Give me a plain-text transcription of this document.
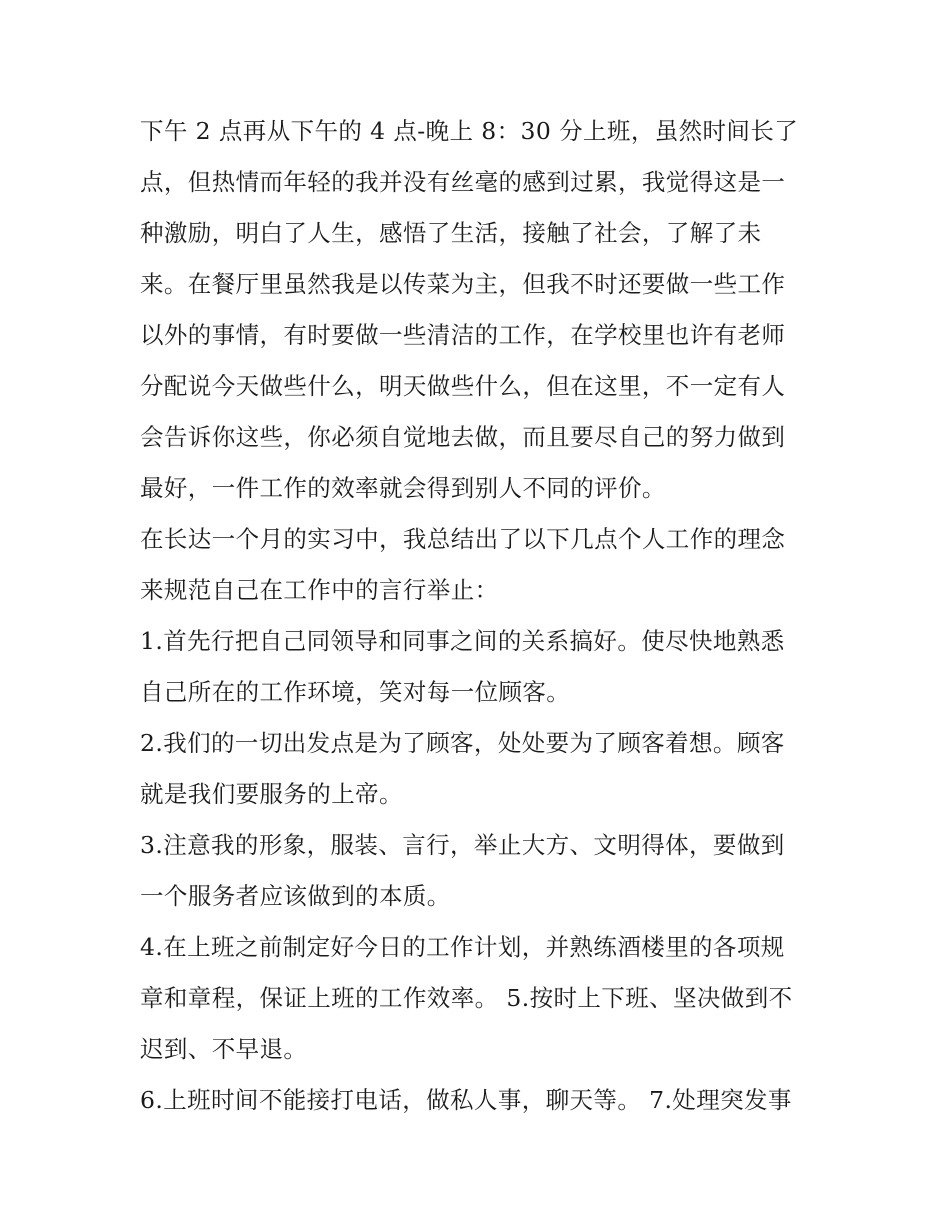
下午 2 点再从下午的 4 点-晚上 8：30 分上班，虽然时间长了
点，但热情而年轻的我并没有丝毫的感到过累，我觉得这是一
种激励，明白了人生，感悟了生活，接触了社会，了解了未
来。在餐厅里虽然我是以传菜为主，但我不时还要做一些工作
以外的事情，有时要做一些清洁的工作，在学校里也许有老师
分配说今天做些什么，明天做些什么，但在这里，不一定有人
会告诉你这些，你必须自觉地去做，而且要尽自己的努力做到
最好，一件工作的效率就会得到别人不同的评价。
在长达一个月的实习中，我总结出了以下几点个人工作的理念
来规范自己在工作中的言行举止：
1.首先行把自己同领导和同事之间的关系搞好。使尽快地熟悉
自己所在的工作环境，笑对每一位顾客。
2.我们的一切出发点是为了顾客，处处要为了顾客着想。顾客
就是我们要服务的上帝。
3.注意我的形象，服装、言行，举止大方、文明得体，要做到
一个服务者应该做到的本质。
4.在上班之前制定好今日的工作计划，并熟练酒楼里的各项规
章和章程，保证上班的工作效率。 5.按时上下班、坚决做到不
迟到、不早退。
6.上班时间不能接打电话，做私人事，聊天等。 7.处理突发事
